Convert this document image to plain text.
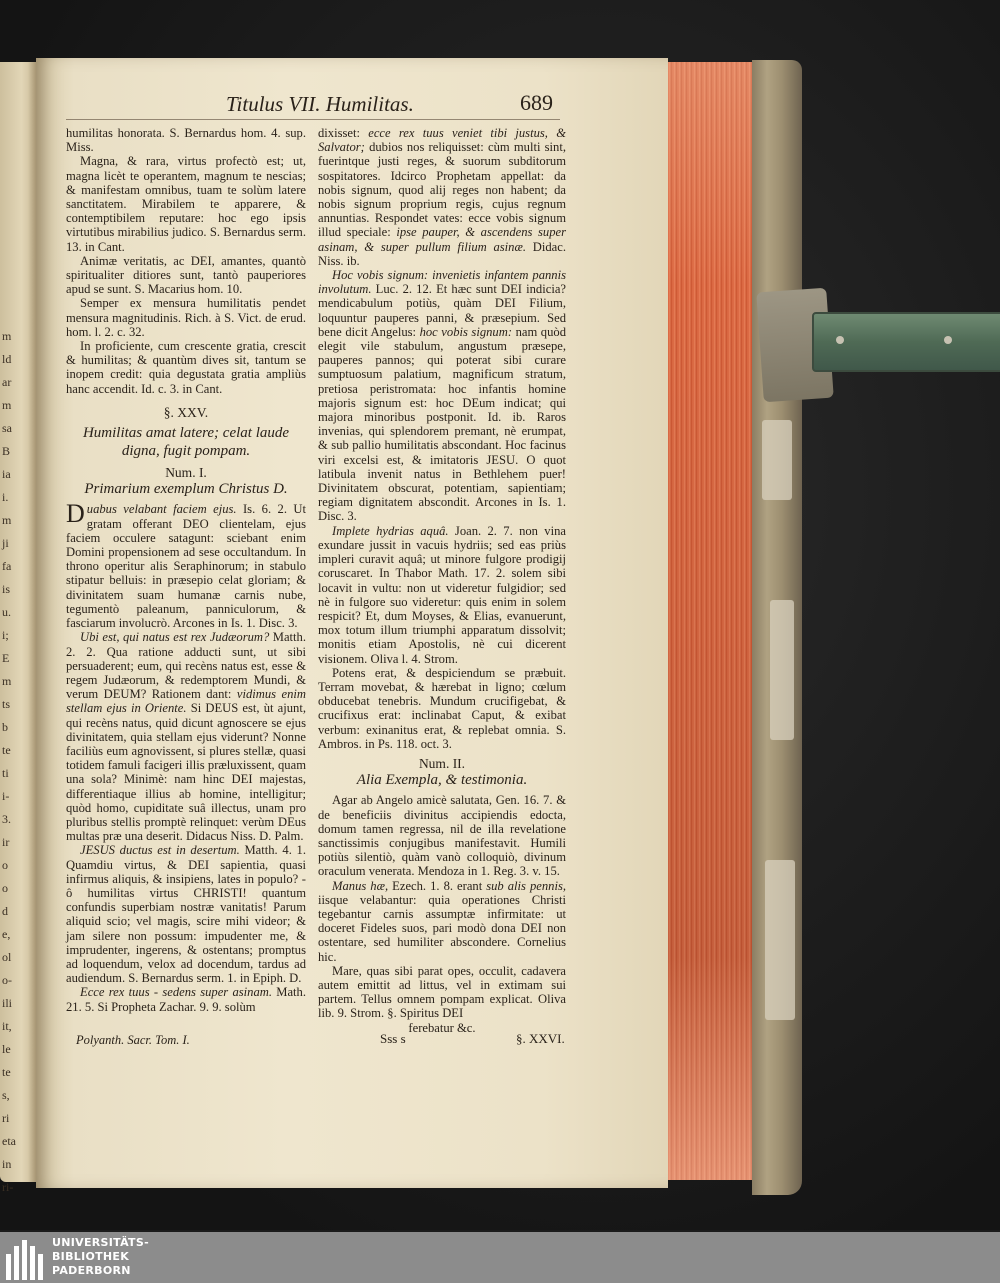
m
ld
ar
m
sa
B
ia
i.
m
ji
fa
is
u.
i;
E
m
ts
b
te
ti
i-
3.
ir
o
o
d
e,
ol
o-
ili
it,
le
te
s,
ri
eta
in
ri-
Titulus VII. Humilitas.	689

humilitas honorata. S. Bernardus hom. 4. sup. Miss.

Magna, & rara, virtus profectò est; ut, magna licèt te operantem, magnum te nescias; & manifestam omnibus, tuam te solùm latere sanctitatem. Mirabilem te apparere, & contemptibilem reputare: hoc ego ipsis virtutibus mirabilius judico. S. Bernardus serm. 13. in Cant.

Animæ veritatis, ac DEI, amantes, quantò spiritualiter ditiores sunt, tantò pauperiores apud se sunt. S. Macarius hom. 10.

Semper ex mensura humilitatis pendet mensura magnitudinis. Rich. à S. Vict. de erud. hom. l. 2. c. 32.

In proficiente, cum crescente gratia, crescit & humilitas; & quantùm dives sit, tantum se inopem credit: quia degustata gratia ampliùs hanc accendit. Id. c. 3. in Cant.

§. XXV.
Humilitas amat latere; celat laude digna, fugit pompam.
Num. I.
Primarium exemplum Christus D.

Duabus velabant faciem ejus. Is. 6. 2. Ut gratam offerant DEO clientelam, ejus faciem occulere satagunt: sciebant enim Domini propensionem ad sese occultandum. In throno operitur alis Seraphinorum; in stabulo stipatur belluis: in præsepio celat gloriam; & divinitatem suam humanæ carnis nube, tegumentò paleanum, panniculorum, & fasciarum involucrò. Arcones in Is. 1. Disc. 3.

Ubi est, qui natus est rex Judæorum? Matth. 2. 2. Qua ratione adducti sunt, ut sibi persuaderent; eum, qui recèns natus est, esse & regem Judæorum, & redemptorem Mundi, & verum DEUM? Rationem dant: vidimus enim stellam ejus in Oriente. Si DEUS est, ùt ajunt, qui recèns natus, quid dicunt agnoscere se ejus divinitatem, quia stellam ejus viderunt? Nonne faciliùs eum agnovissent, si plures stellæ, quasi totidem famuli facigeri illis præluxissent, quam una sola? Minimè: nam hinc DEI majestas, differentiaque illius ab homine, intelligitur; quòd homo, cupiditate suâ illectus, unam pro pluribus stellis promptè relinquet: verùm DEus multas præ una deserit. Didacus Niss. D. Palm.

JESUS ductus est in desertum. Matth. 4. 1. Quamdiu virtus, & DEI sapientia, quasi infirmus aliquis, & insipiens, lates in populo? - ô humilitas virtus CHRISTI! quantum confundis superbiam nostræ vanitatis! Parum aliquid scio; vel magis, scire mihi videor; & jam silere non possum: impudenter me, & imprudenter, ingerens, & ostentans; promptus ad loquendum, velox ad docendum, tardus ad audiendum. S. Bernardus serm. 1. in Epiph. D.

Ecce rex tuus - sedens super asinam. Math. 21. 5. Si Propheta Zachar. 9. 9. solùm

dixisset: ecce rex tuus veniet tibi justus, & Salvator; dubios nos reliquisset: cùm multi sint, fuerintque justi reges, & suorum subditorum sospitatores. Idcirco Prophetam appellat: da nobis signum, quod alij reges non habent; da nobis signum proprium regis, cujus regnum annuntias. Respondet vates: ecce vobis signum illud speciale: ipse pauper, & ascendens super asinam, & super pullum filium asinæ. Didac. Niss. ib.

Hoc vobis signum: invenietis infantem pannis involutum. Luc. 2. 12. Et hæc sunt DEI indicia? mendicabulum potiùs, quàm DEI Filium, loquuntur pauperes panni, & præsepium. Sed bene dicit Angelus: hoc vobis signum: nam quòd elegit vile stabulum, angustum præsepe, pauperes pannos; qui poterat sibi curare sumptuosum palatium, magnificum stratum, pretiosa peristromata: hoc infantis homine majoris signum est: hoc DEum indicat; qui majora minoribus postponit. Id. ib. Raros invenias, qui splendorem premant, nè erumpat, & sub pallio humilitatis abscondant. Hoc facinus viri excelsi est, & imitatoris JESU. O quot latibula invenit natus in Bethlehem puer! Divinitatem obscurat, potentiam, sapientiam; regiam dignitatem abscondit. Arcones in Is. 1. Disc. 3.

Implete hydrias aquâ. Joan. 2. 7. non vina exundare jussit in vacuis hydriis; sed eas priùs impleri curavit aquâ; ut minore fulgore prodigij coruscaret. In Thabor Math. 17. 2. solem sibi locavit in vultu: non ut videretur fulgidior; sed nè in fulgore suo videretur: quis enim in solem respicit? Et, dum Moyses, & Elias, evanuerunt, mox totum illum triumphi apparatum dissolvit; monitis etiam Apostolis, nè cui dicerent visionem. Oliva l. 4. Strom.

Potens erat, & despiciendum se præbuit. Terram movebat, & hærebat in ligno; cœlum obducebat tenebris. Mundum crucifigebat, & crucifixus erat: inclinabat Caput, & exibat verbum: exinanitus erat, & replebat omnia. S. Ambros. in Ps. 118. oct. 3.

Num. II.
Alia Exempla, & testimonia.

Agar ab Angelo amicè salutata, Gen. 16. 7. & de beneficiis divinitus accipiendis edocta, domum tamen regressa, nil de illa revelatione sanctissimis conjugibus manifestavit. Humili potiùs silentiò, quàm vanò colloquiò, divinum oraculum venerata. Mendoza in 1. Reg. 3. v. 15.

Manus hæ, Ezech. 1. 8. erant sub alis pennis, iisque velabantur: quia operationes Christi tegebantur carnis assumptæ infirmitate: ut doceret Fideles suos, pari modò dona DEI non ostentare, sed humiliter abscondere. Cornelius hic.

Mare, quas sibi parat opes, occulit, cadavera autem emittit ad littus, vel in extimam sui partem. Tellus omnem pompam explicat. Oliva lib. 9. Strom. §. Spiritus DEI

ferebatur &c.

Polyanth. Sacr. Tom. I.	Sss s	§. XXVI.
UNIVERSITÄTS-
BIBLIOTHEK
PADERBORN
